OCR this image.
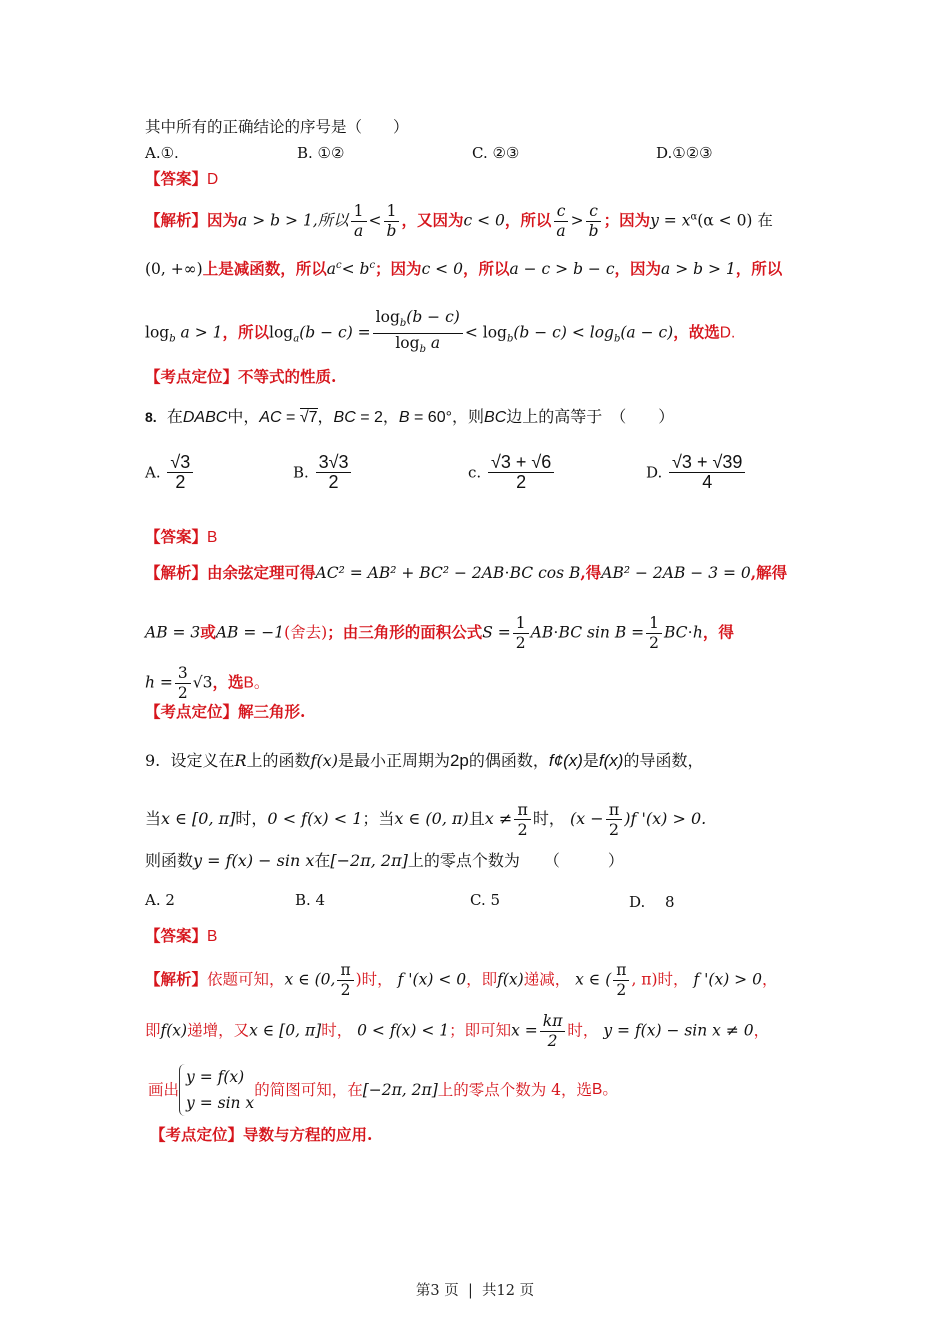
其中所有的正确结论的序号是（　　）
A.①.	B. ①②	C. ②③	D.①②③
【答案】D
【解析】因为a > b > 1,所以 $\frac{1}{a} < \frac{1}{b}$ ，又因为c < 0，所以 $\frac{c}{a} > \frac{c}{b}$ ；因为$y = x^\alpha(\alpha < 0)$ 在
(0, +∞)上是减函数，所以$a^c< b^c$；因为c < 0，所以a − c > b − c，因为a > b > 1，所以
$\log_b a > 1$，所以$\log_a(b - c) = \frac{\log_b(b - c)}{\log_b a} < \log_b(b - c) < \log_b(a - c)$，故选D.
【考点定位】不等式的性质.
8. 在DABC中，AC = √7，BC = 2，B = 60°，则BC边上的高等于　（　　）
A. $\frac{√3}{2}$	B. $\frac{3√3}{2}$	c. $\frac{√3 + √6}{2}$	D. $\frac{√3 + √39}{4}$
【答案】B
【解析】由余弦定理可得AC² = AB² + BC² − 2AB⋅BC cos B,得AB² − 2AB − 3 = 0,解得
AB = 3或AB = −1(舍去)；由三角形的面积公式$S = \frac{1}{2} AB\cdot BC$ $\sin B = \frac{1}{2} BC\cdot h$，得
$h = \frac{3}{2} √3$，选B。
【考点定位】解三角形.
9. 设定义在R上的函数f(x)是最小正周期为2p的偶函数，f¢(x)是f(x)的导函数，
当x ∈ [0, π]时，0 < f(x) < 1；当x ∈ (0, π)且$x \ne \frac{\pi}{2}$ 时， $(x - \frac{\pi}{2} )f$ '(x) > 0.
则函数y = f(x) − sin x在[−2π, 2π]上的零点个数为　　（　　　）
A. 2	B. 4	C. 5	D.　 8
【答案】B
【解析】依题可知，x ∈ (0, $\frac{\pi}{2}$ )时， f '(x) < 0，即f(x)递减， x ∈ ( $\frac{\pi}{2}$ , π)时， f '(x) > 0，
即f(x)递增，又x ∈ [0, π]时， 0 < f(x) < 1；即可知$x = \frac{k\pi}{2}$ 时， y = f(x) − sin x ≠ 0，
画出
y = f(x)
y = sin x
的简图可知，在[−2π, 2π]上的零点个数为 4，选B。
【考点定位】导数与方程的应用.
第3 页 | 共12 页
